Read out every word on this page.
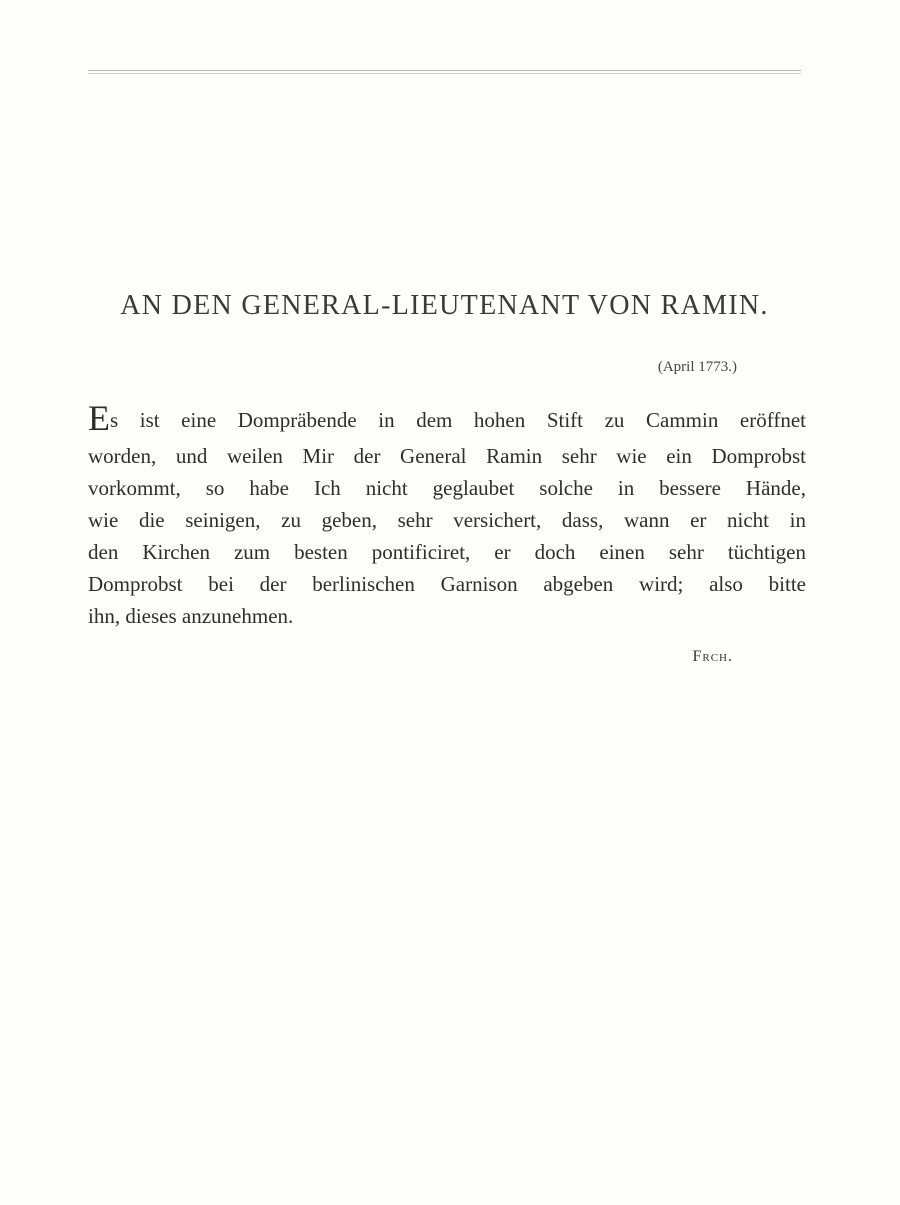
AN DEN GENERAL-LIEUTENANT VON RAMIN.
(April 1773.)
Es ist eine Dompräbende in dem hohen Stift zu Cammin eröffnet
worden, und weilen Mir der General Ramin sehr wie ein Domprobst
vorkommt, so habe Ich nicht geglaubet solche in bessere Hände,
wie die seinigen, zu geben, sehr versichert, dass, wann er nicht in
den Kirchen zum besten pontificiret, er doch einen sehr tüchtigen
Domprobst bei der berlinischen Garnison abgeben wird; also bitte
ihn, dieses anzunehmen.
Frch.
